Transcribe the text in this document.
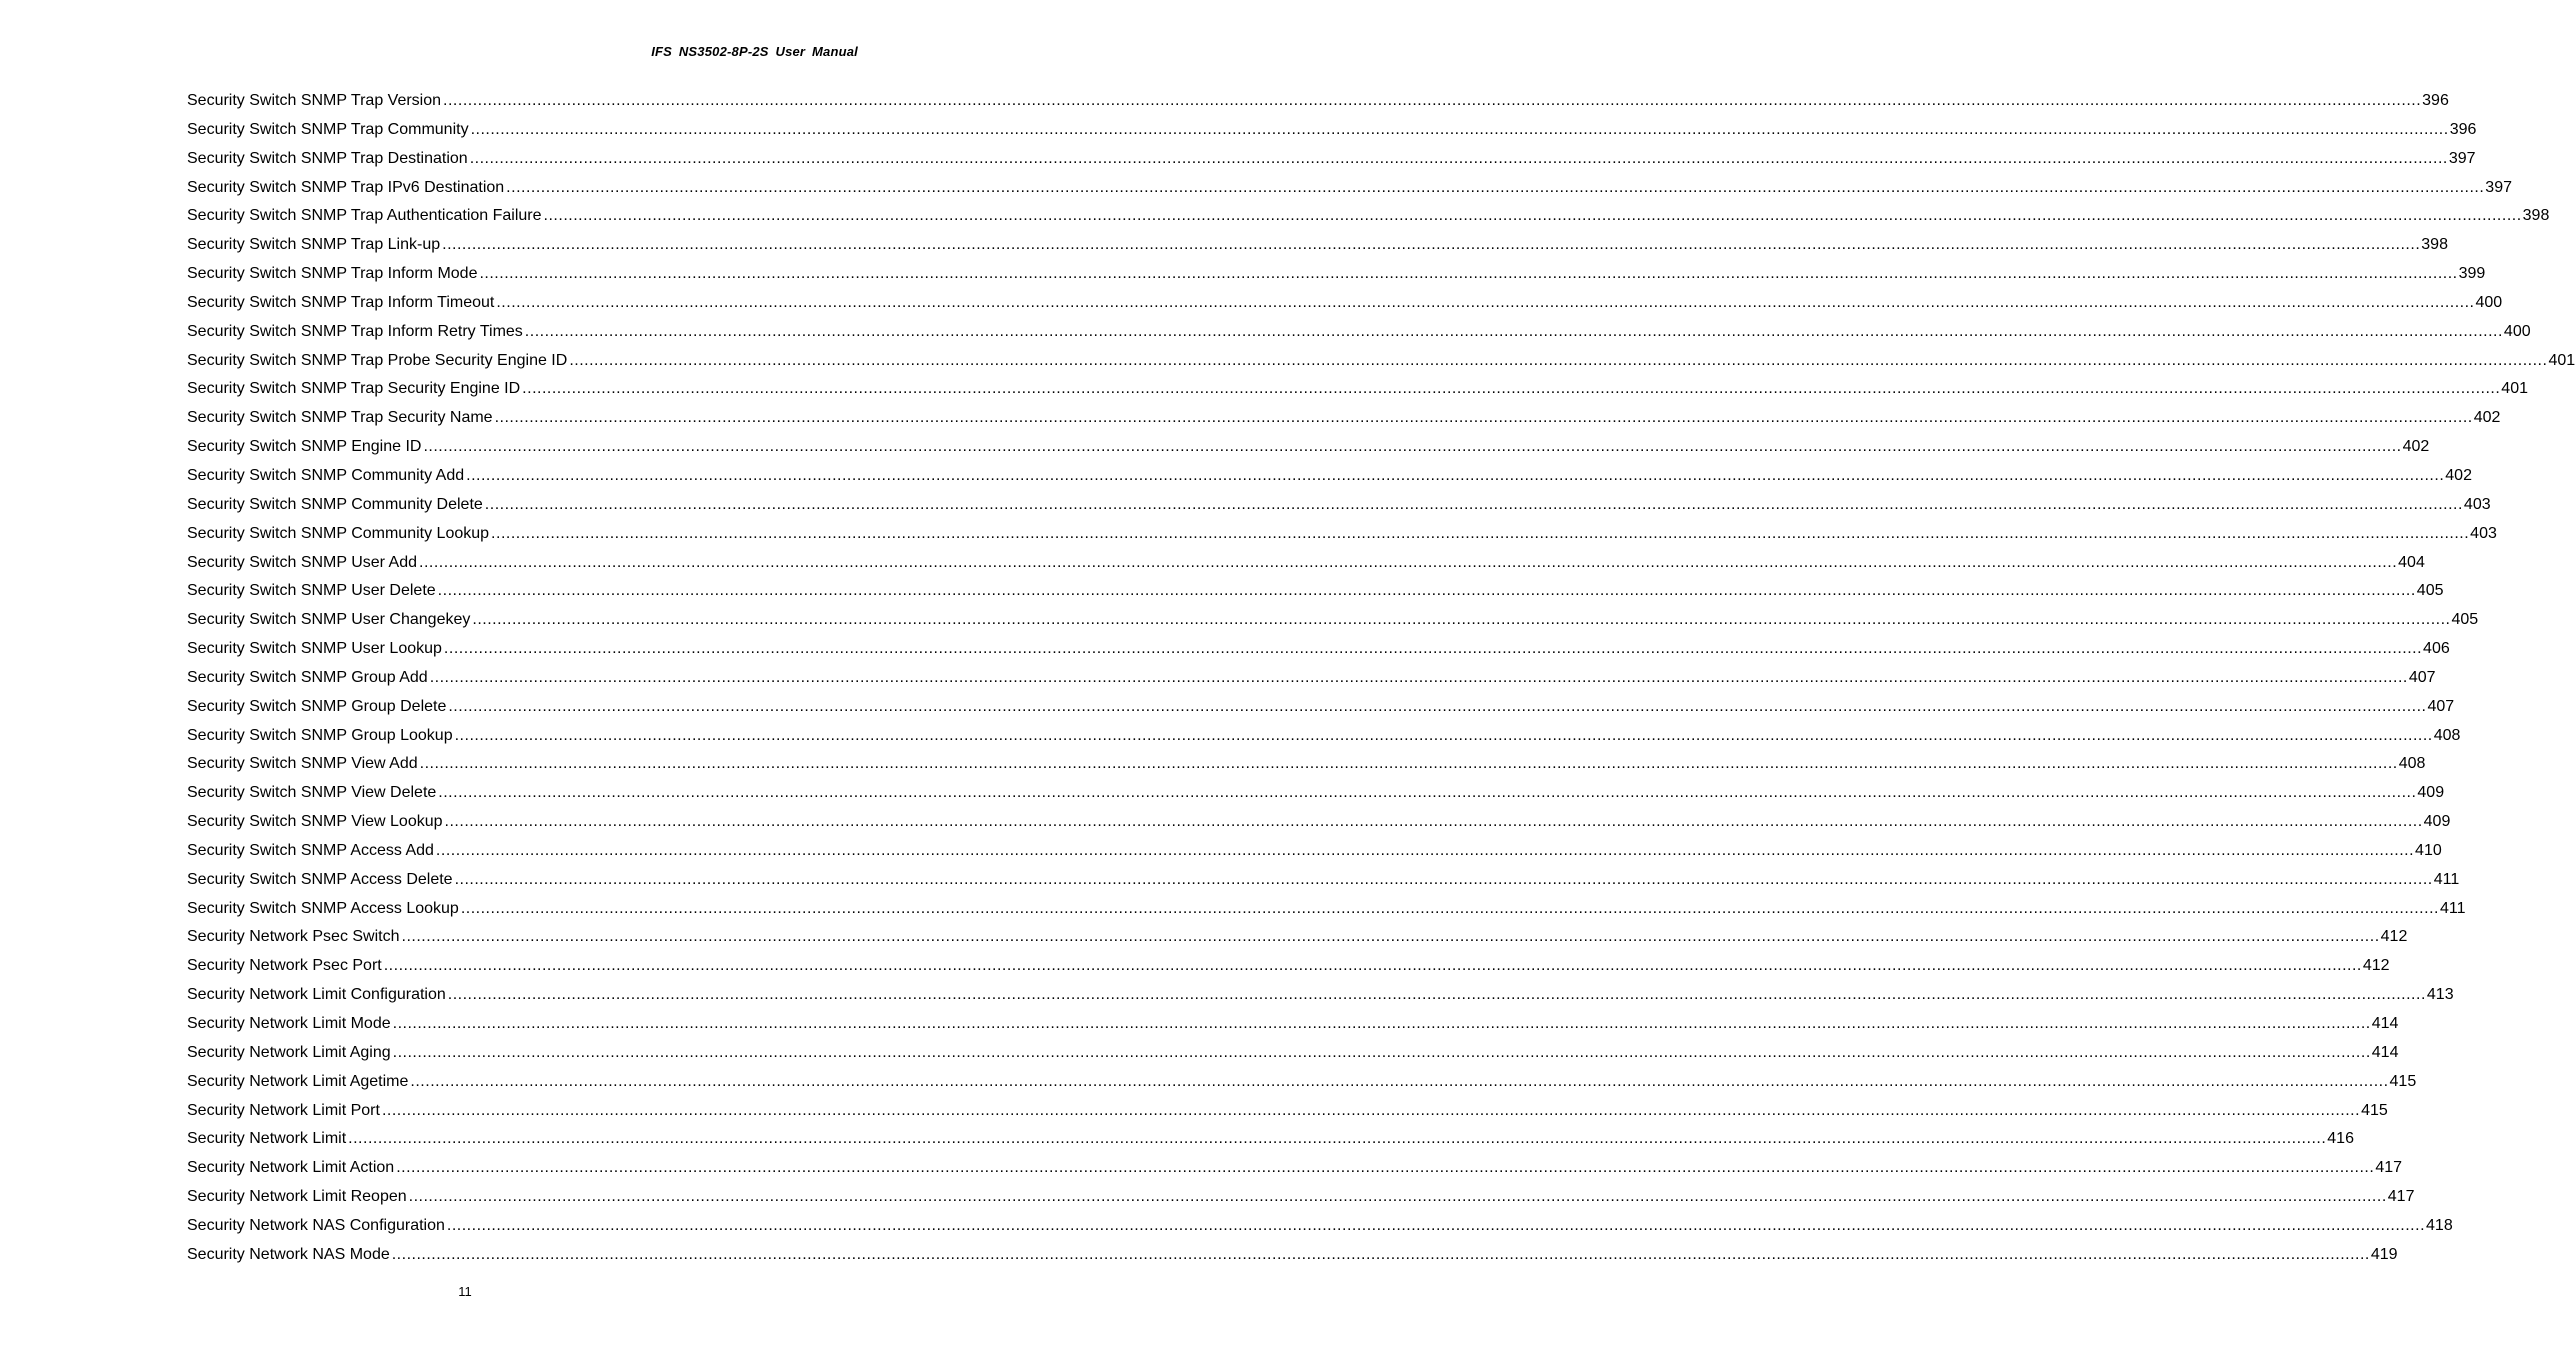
IFS NS3502-8P-2S User Manual
Security Switch SNMP Trap Version ................................................................................................................................................................................................................................................................................................................................................................................................................ 396
Security Switch SNMP Trap Community ................................................................................................................................................................................................................................................................................................................................................................................................................ 396
Security Switch SNMP Trap Destination ................................................................................................................................................................................................................................................................................................................................................................................................................ 397
Security Switch SNMP Trap IPv6 Destination ................................................................................................................................................................................................................................................................................................................................................................................................................ 397
Security Switch SNMP Trap Authentication Failure ................................................................................................................................................................................................................................................................................................................................................................................................................ 398
Security Switch SNMP Trap Link-up ................................................................................................................................................................................................................................................................................................................................................................................................................ 398
Security Switch SNMP Trap Inform Mode ................................................................................................................................................................................................................................................................................................................................................................................................................ 399
Security Switch SNMP Trap Inform Timeout ................................................................................................................................................................................................................................................................................................................................................................................................................ 400
Security Switch SNMP Trap Inform Retry Times ................................................................................................................................................................................................................................................................................................................................................................................................................ 400
Security Switch SNMP Trap Probe Security Engine ID ................................................................................................................................................................................................................................................................................................................................................................................................................ 401
Security Switch SNMP Trap Security Engine ID ................................................................................................................................................................................................................................................................................................................................................................................................................ 401
Security Switch SNMP Trap Security Name ................................................................................................................................................................................................................................................................................................................................................................................................................ 402
Security Switch SNMP Engine ID ................................................................................................................................................................................................................................................................................................................................................................................................................ 402
Security Switch SNMP Community Add ................................................................................................................................................................................................................................................................................................................................................................................................................ 402
Security Switch SNMP Community Delete ................................................................................................................................................................................................................................................................................................................................................................................................................ 403
Security Switch SNMP Community Lookup ................................................................................................................................................................................................................................................................................................................................................................................................................ 403
Security Switch SNMP User Add ................................................................................................................................................................................................................................................................................................................................................................................................................ 404
Security Switch SNMP User Delete ................................................................................................................................................................................................................................................................................................................................................................................................................ 405
Security Switch SNMP User Changekey ................................................................................................................................................................................................................................................................................................................................................................................................................ 405
Security Switch SNMP User Lookup ................................................................................................................................................................................................................................................................................................................................................................................................................ 406
Security Switch SNMP Group Add ................................................................................................................................................................................................................................................................................................................................................................................................................ 407
Security Switch SNMP Group Delete ................................................................................................................................................................................................................................................................................................................................................................................................................ 407
Security Switch SNMP Group Lookup ................................................................................................................................................................................................................................................................................................................................................................................................................ 408
Security Switch SNMP View Add ................................................................................................................................................................................................................................................................................................................................................................................................................ 408
Security Switch SNMP View Delete ................................................................................................................................................................................................................................................................................................................................................................................................................ 409
Security Switch SNMP View Lookup ................................................................................................................................................................................................................................................................................................................................................................................................................ 409
Security Switch SNMP Access Add ................................................................................................................................................................................................................................................................................................................................................................................................................ 410
Security Switch SNMP Access Delete ................................................................................................................................................................................................................................................................................................................................................................................................................ 411
Security Switch SNMP Access Lookup ................................................................................................................................................................................................................................................................................................................................................................................................................ 411
Security Network Psec Switch ................................................................................................................................................................................................................................................................................................................................................................................................................ 412
Security Network Psec Port ................................................................................................................................................................................................................................................................................................................................................................................................................ 412
Security Network Limit Configuration ................................................................................................................................................................................................................................................................................................................................................................................................................ 413
Security Network Limit Mode ................................................................................................................................................................................................................................................................................................................................................................................................................ 414
Security Network Limit Aging ................................................................................................................................................................................................................................................................................................................................................................................................................ 414
Security Network Limit Agetime ................................................................................................................................................................................................................................................................................................................................................................................................................ 415
Security Network Limit Port ................................................................................................................................................................................................................................................................................................................................................................................................................ 415
Security Network Limit ................................................................................................................................................................................................................................................................................................................................................................................................................ 416
Security Network Limit Action ................................................................................................................................................................................................................................................................................................................................................................................................................ 417
Security Network Limit Reopen ................................................................................................................................................................................................................................................................................................................................................................................................................ 417
Security Network NAS Configuration ................................................................................................................................................................................................................................................................................................................................................................................................................ 418
Security Network NAS Mode ................................................................................................................................................................................................................................................................................................................................................................................................................ 419
11
